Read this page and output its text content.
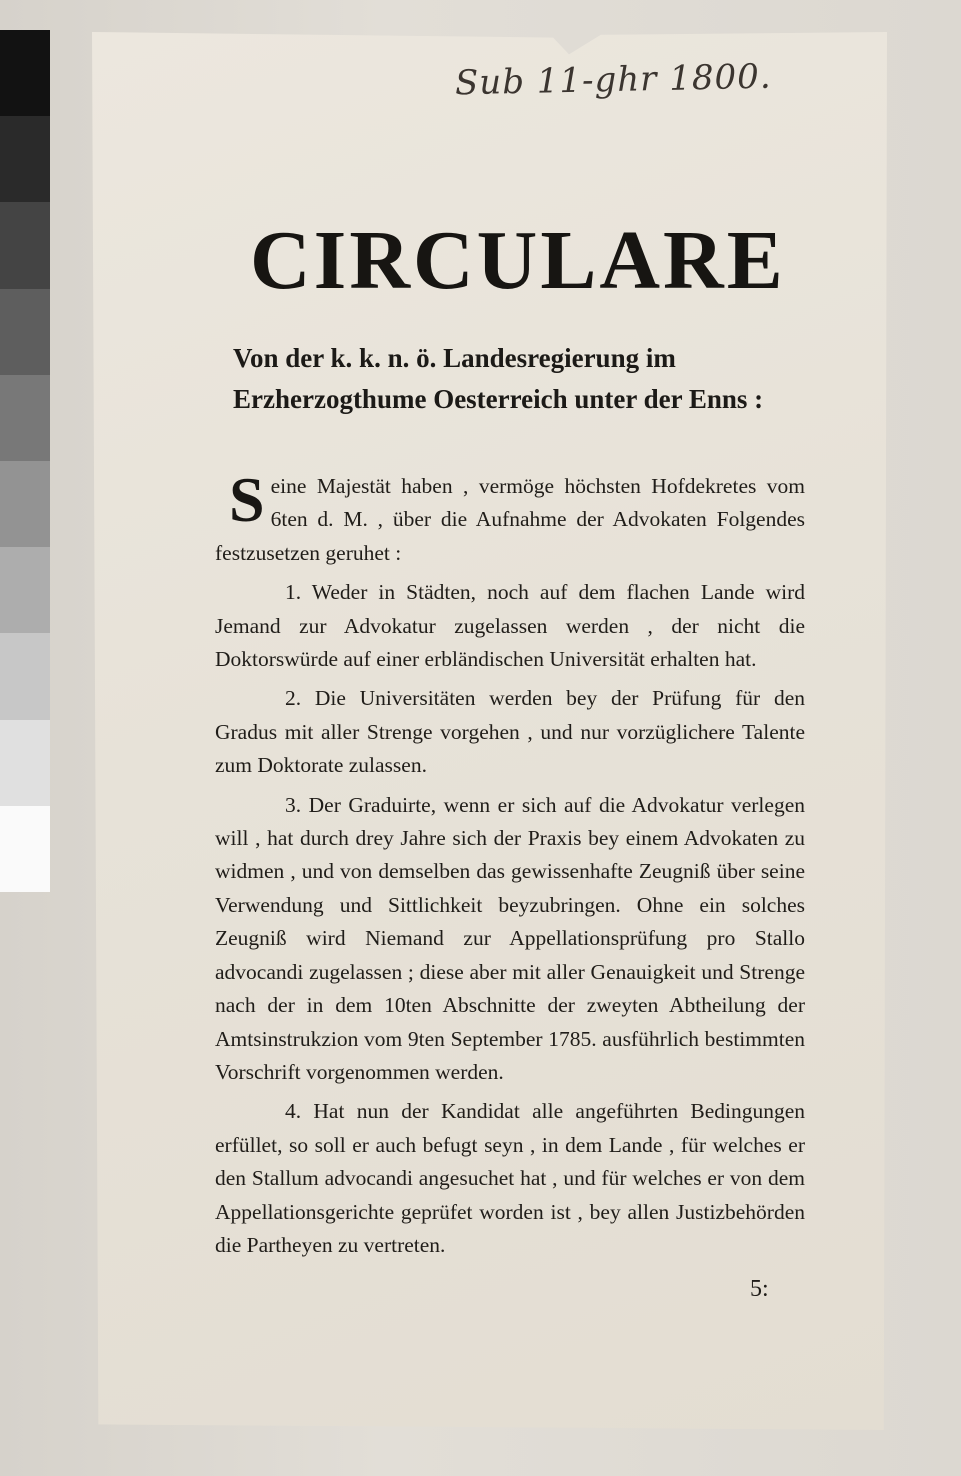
Sub 11-ghr 1800.
CIRCULARE
Von der k. k. n. ö. Landesregierung im Erzherzogthume Oesterreich unter der Enns :

Seine Majestät haben , vermöge höchsten Hofdekretes vom 6ten d. M. , über die Aufnahme der Advokaten Folgendes festzusetzen geruhet :

1. Weder in Städten, noch auf dem flachen Lande wird Jemand zur Advokatur zugelassen werden , der nicht die Doktorswürde auf einer erbländischen Universität erhalten hat.

2. Die Universitäten werden bey der Prüfung für den Gradus mit aller Strenge vorgehen , und nur vorzüglichere Talente zum Doktorate zulassen.

3. Der Graduirte, wenn er sich auf die Advokatur verlegen will , hat durch drey Jahre sich der Praxis bey einem Advokaten zu widmen , und von demselben das gewissenhafte Zeugniß über seine Verwendung und Sittlichkeit beyzubringen. Ohne ein solches Zeugniß wird Niemand zur Appellationsprüfung pro Stallo advocandi zugelassen ; diese aber mit aller Genauigkeit und Strenge nach der in dem 10ten Abschnitte der zweyten Abtheilung der Amtsinstrukzion vom 9ten September 1785. ausführlich bestimmten Vorschrift vorgenommen werden.

4. Hat nun der Kandidat alle angeführten Bedingungen erfüllet, so soll er auch befugt seyn , in dem Lande , für welches er den Stallum advocandi angesuchet hat , und für welches er von dem Appellationsgerichte geprüfet worden ist , bey allen Justizbehörden die Partheyen zu vertreten.

5:
